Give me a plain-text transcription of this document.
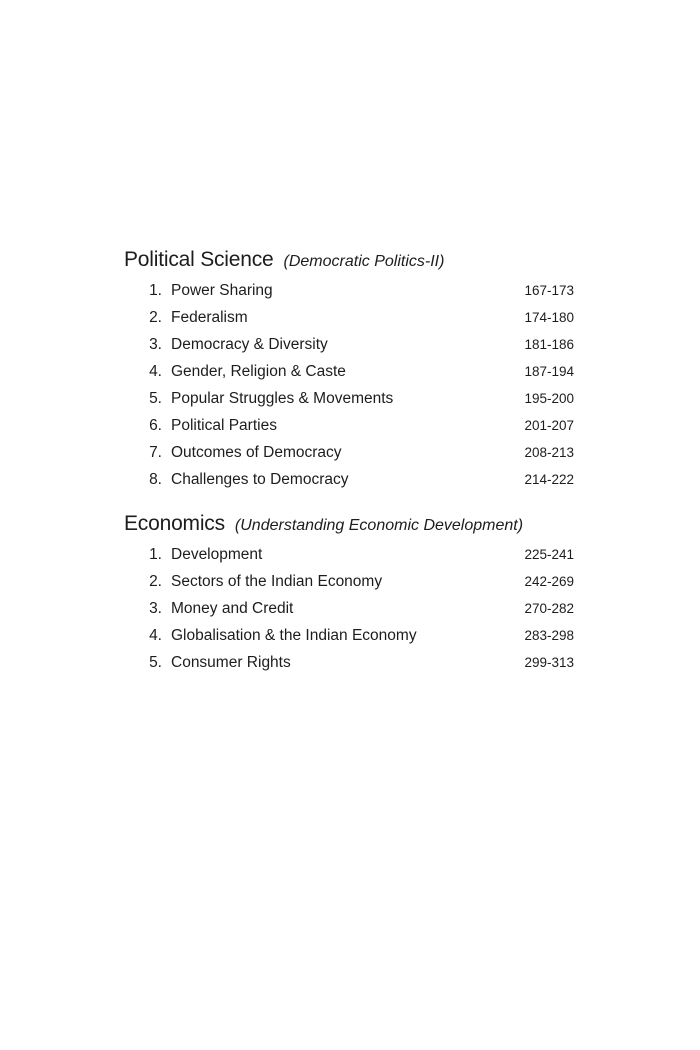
Political Science (Democratic Politics-II)
1. Power Sharing	167-173
2. Federalism	174-180
3. Democracy & Diversity	181-186
4. Gender, Religion & Caste	187-194
5. Popular Struggles & Movements	195-200
6. Political Parties	201-207
7. Outcomes of Democracy	208-213
8. Challenges to Democracy	214-222
Economics (Understanding Economic Development)
1. Development	225-241
2. Sectors of the Indian Economy	242-269
3. Money and Credit	270-282
4. Globalisation & the Indian Economy	283-298
5. Consumer Rights	299-313
